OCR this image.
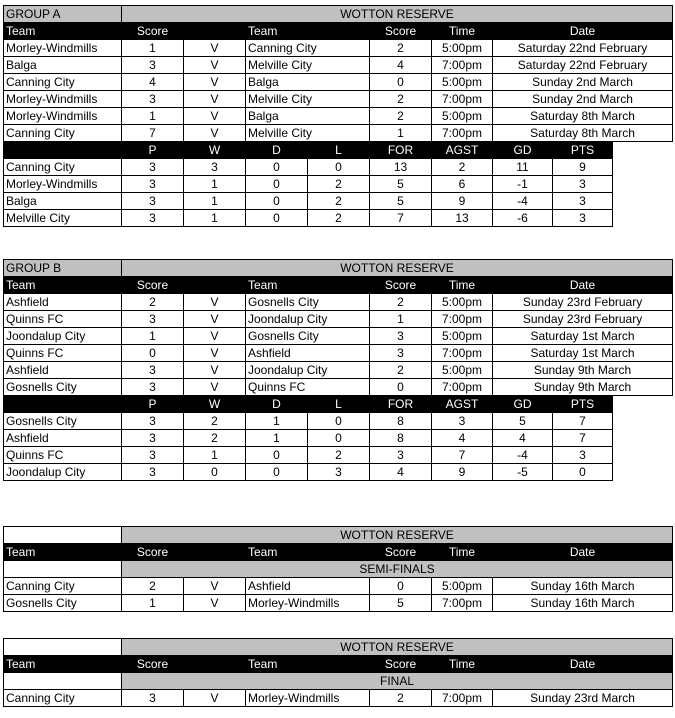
GROUP A	WOTTON RESERVE							
Team	Score		Team		Score	Time	Date	
Morley-Windmills	1	V	Canning City		2	5:00pm	Saturday 22nd February	
Balga	3	V	Melville City		4	7:00pm	Saturday 22nd February	
Canning City	4	V	Balga		0	5:00pm	Sunday 2nd March	
Morley-Windmills	3	V	Melville City		2	7:00pm	Sunday 2nd March	
Morley-Windmills	1	V	Balga		2	5:00pm	Saturday 8th March	
Canning City	7	V	Melville City		1	7:00pm	Saturday 8th March	
	P	W	D	L	FOR	AGST	GD	PTS
Canning City	3	3	0	0	13	2	11	9
Morley-Windmills	3	1	0	2	5	6	-1	3
Balga	3	1	0	2	5	9	-4	3
Melville City	3	1	0	2	7	13	-6	3
GROUP B	WOTTON RESERVE							
Team	Score		Team		Score	Time	Date	
Ashfield	2	V	Gosnells City		2	5:00pm	Sunday 23rd February	
Quinns FC	3	V	Joondalup City		1	7:00pm	Sunday 23rd February	
Joondalup City	1	V	Gosnells City		3	5:00pm	Saturday 1st March	
Quinns FC	0	V	Ashfield		3	7:00pm	Saturday 1st March	
Ashfield	3	V	Joondalup City		2	5:00pm	Sunday 9th March	
Gosnells City	3	V	Quinns FC		0	7:00pm	Sunday 9th March	
	P	W	D	L	FOR	AGST	GD	PTS
Gosnells City	3	2	1	0	8	3	5	7
Ashfield	3	2	1	0	8	4	4	7
Quinns FC	3	1	0	2	3	7	-4	3
Joondalup City	3	0	0	3	4	9	-5	0
	WOTTON RESERVE					
Team	Score		Team	Score	Time	Date
	SEMI-FINALS					
Canning City	2	V	Ashfield	0	5:00pm	Sunday 16th March
Gosnells City	1	V	Morley-Windmills	5	7:00pm	Sunday 16th March
	WOTTON RESERVE					
Team	Score		Team	Score	Time	Date
	FINAL					
Canning City	3	V	Morley-Windmills	2	7:00pm	Sunday 23rd March
